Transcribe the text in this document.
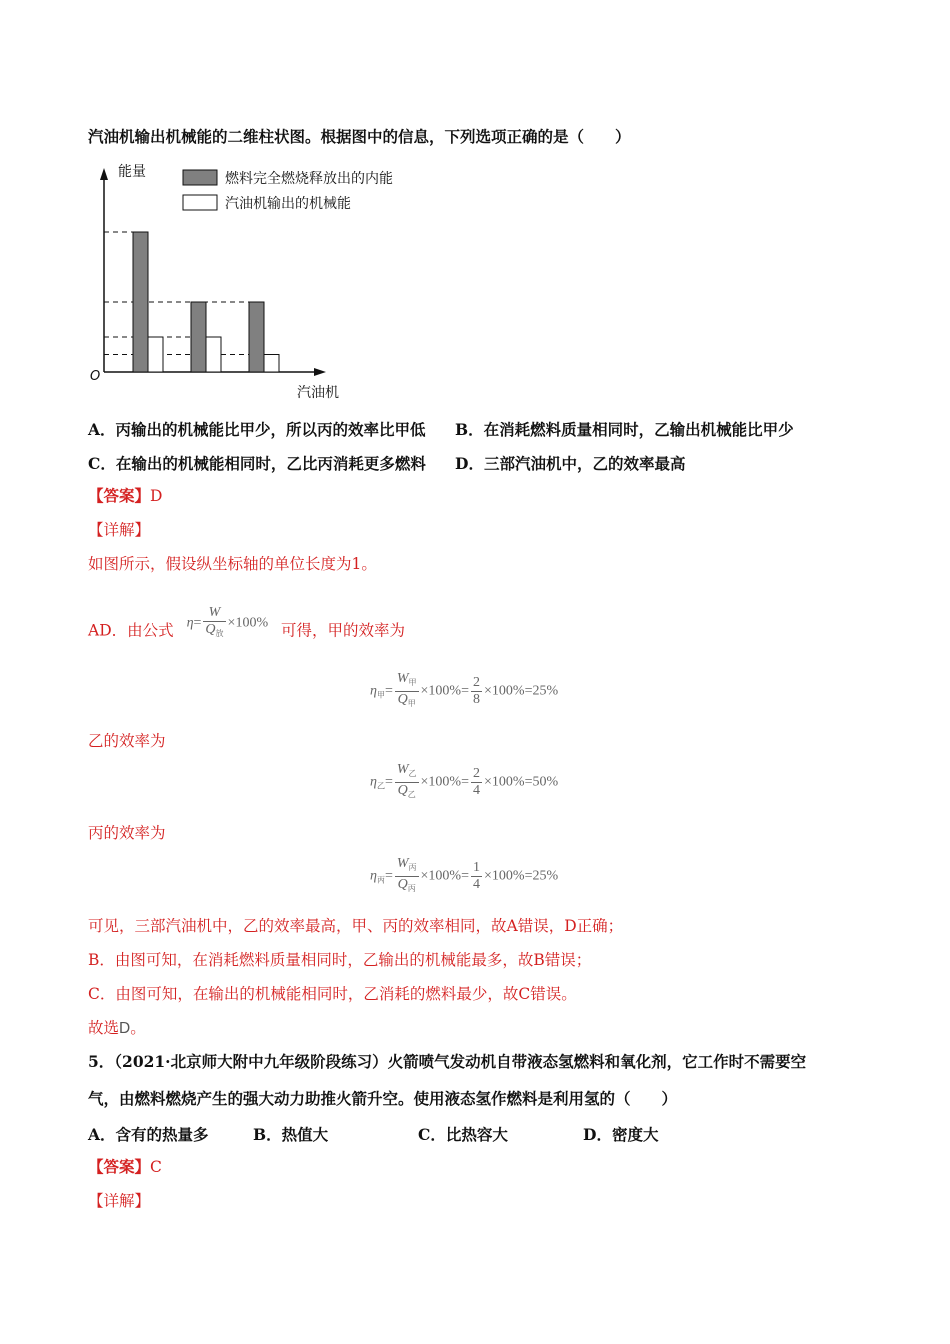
汽油机输出机械能的二维柱状图。根据图中的信息，下列选项正确的是（　　）
燃料完全燃烧释放出的内能
汽油机输出的机械能
能量
汽油机
O
A．丙输出的机械能比甲少，所以丙的效率比甲低 B．在消耗燃料质量相同时，乙输出机械能比甲少
C．在输出的机械能相同时，乙比丙消耗更多燃料 D．三部汽油机中，乙的效率最高
【答案】D
【详解】
如图所示，假设纵坐标轴的单位长度为1。
AD．由公式 $\eta= \frac{W}{Q_放} \times 100\%$ 可得，甲的效率为
$\eta_甲= \frac{W_甲}{Q_甲} \times 100\%= \frac{2}{8} \times 100\%=25\%$
乙的效率为
$\eta_乙= \frac{W_乙}{Q_乙} \times 100\%= \frac{2}{4} \times 100\%=50\%$
丙的效率为
$\eta_丙= \frac{W_丙}{Q_丙} \times 100\%= \frac{1}{4} \times 100\%=25\%$
可见，三部汽油机中，乙的效率最高，甲、丙的效率相同，故A错误，D正确；
B．由图可知，在消耗燃料质量相同时，乙输出的机械能最多，故B错误；
C．由图可知，在输出的机械能相同时，乙消耗的燃料最少，故C错误。
故选D。
5．（2021·北京师大附中九年级阶段练习）火箭喷气发动机自带液态氢燃料和氧化剂，它工作时不需要空
气，由燃料燃烧产生的强大动力助推火箭升空。使用液态氢作燃料是利用氢的（　　）
A．含有的热量多	B．热值大	C．比热容大	D．密度大
【答案】C
【详解】
